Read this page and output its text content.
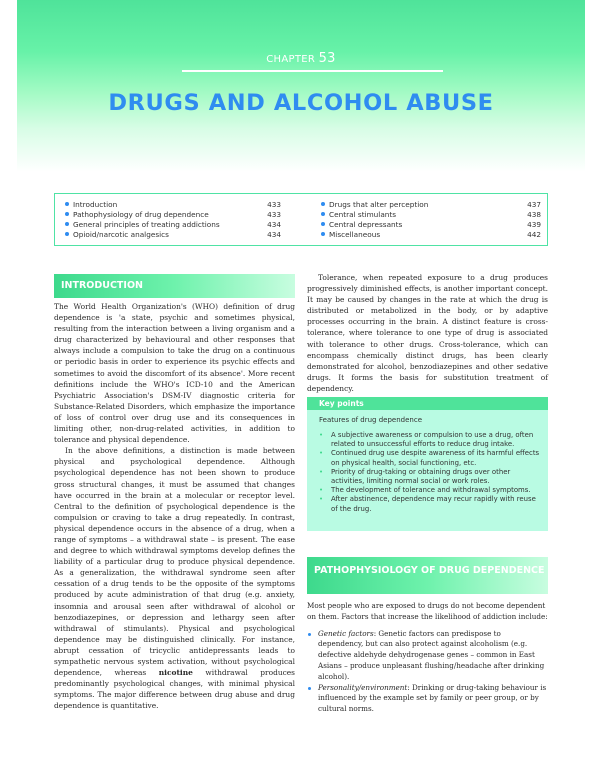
CHAPTER 53
DRUGS AND ALCOHOL ABUSE
Introduction	433
Pathophysiology of drug dependence	433
General principles of treating addictions	434
Opioid/narcotic analgesics	434
Drugs that alter perception	437
Central stimulants	438
Central depressants	439
Miscellaneous	442
INTRODUCTION

The World Health Organization's (WHO) definition of drug dependence is 'a state, psychic and sometimes physical, resulting from the interaction between a living organism and a drug characterized by behavioural and other responses that always include a compulsion to take the drug on a continuous or periodic basis in order to experience its psychic effects and sometimes to avoid the discomfort of its absence'. More recent definitions include the WHO's ICD-10 and the American Psychiatric Association's DSM-IV diagnostic criteria for Substance-Related Disorders, which emphasize the importance of loss of control over drug use and its consequences in limiting other, non-drug-related activities, in addition to tolerance and physical dependence.

In the above definitions, a distinction is made between physical and psychological dependence. Although psychological dependence has not been shown to produce gross structural changes, it must be assumed that changes have occurred in the brain at a molecular or receptor level. Central to the definition of psychological dependence is the compulsion or craving to take a drug repeatedly. In contrast, physical dependence occurs in the absence of a drug, when a range of symptoms – a withdrawal state – is present. The ease and degree to which withdrawal symptoms develop defines the liability of a particular drug to produce physical dependence. As a generalization, the withdrawal syndrome seen after cessation of a drug tends to be the opposite of the symptoms produced by acute administration of that drug (e.g. anxiety, insomnia and arousal seen after withdrawal of alcohol or benzodiazepines, or depression and lethargy seen after withdrawal of stimulants). Physical and psychological dependence may be distinguished clinically. For instance, abrupt cessation of tricyclic antidepressants leads to sympathetic nervous system activation, without psychological dependence, whereas nicotine withdrawal produces predominantly psychological changes, with minimal physical symptoms. The major difference between drug abuse and drug dependence is quantitative.

Tolerance, when repeated exposure to a drug produces progressively diminished effects, is another important concept. It may be caused by changes in the rate at which the drug is distributed or metabolized in the body, or by adaptive processes occurring in the brain. A distinct feature is cross-tolerance, where tolerance to one type of drug is associated with tolerance to other drugs. Cross-tolerance, which can encompass chemically distinct drugs, has been clearly demonstrated for alcohol, benzodiazepines and other sedative drugs. It forms the basis for substitution treatment of dependency.

Key points
Features of drug dependence
• A subjective awareness or compulsion to use a drug, often related to unsuccessful efforts to reduce drug intake.
• Continued drug use despite awareness of its harmful effects on physical health, social functioning, etc.
• Priority of drug-taking or obtaining drugs over other activities, limiting normal social or work roles.
• The development of tolerance and withdrawal symptoms.
• After abstinence, dependence may recur rapidly with reuse of the drug.
PATHOPHYSIOLOGY OF DRUG DEPENDENCE

Most people who are exposed to drugs do not become dependent on them. Factors that increase the likelihood of addiction include:

Genetic factors: Genetic factors can predispose to dependency, but can also protect against alcoholism (e.g. defective aldehyde dehydrogenase genes – common in East Asians – produce unpleasant flushing/headache after drinking alcohol).
Personality/environment: Drinking or drug-taking behaviour is influenced by the example set by family or peer group, or by cultural norms.
